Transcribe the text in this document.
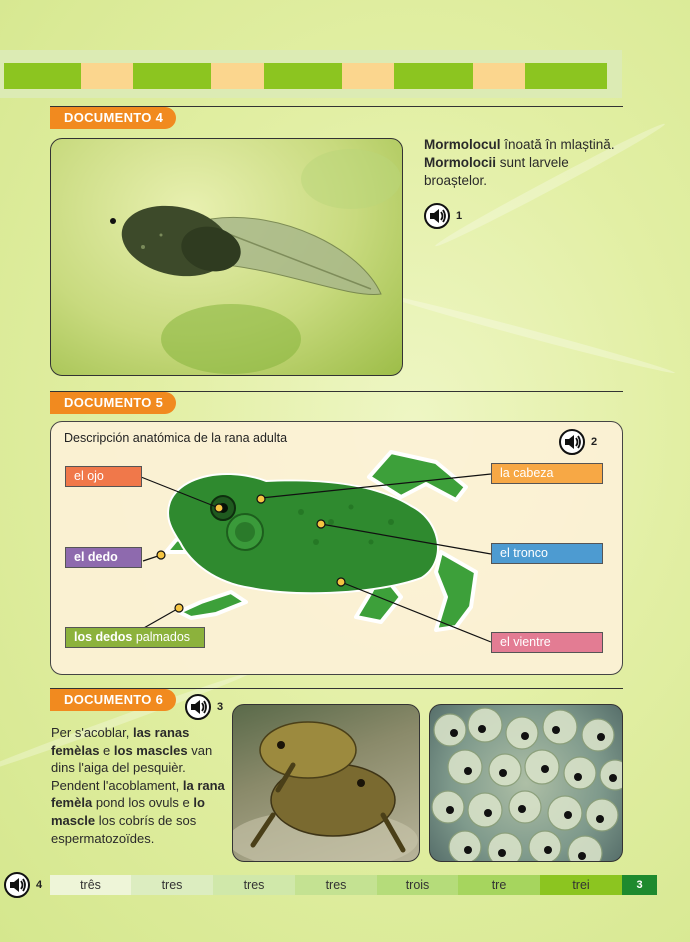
DOCUMENTO 4
Mormolocul înoată în mlaștină.
Mormolocii sunt larvele broaștelor.
1
DOCUMENTO 5
Descripción anatómica de la rana adulta	2
el ojo
el dedo
los dedos palmados
la cabeza
el tronco
el vientre
DOCUMENTO 6	3
Per s'acoblar, las ranas femèlas e los mascles van dins l'aiga del pesquièr. Pendent l'acoblament, la rana femèla pond los ovuls e lo mascle los cobrís de sos espermatozoïdes.
4	três	tres	tres	tres	trois	tre	trei	3
